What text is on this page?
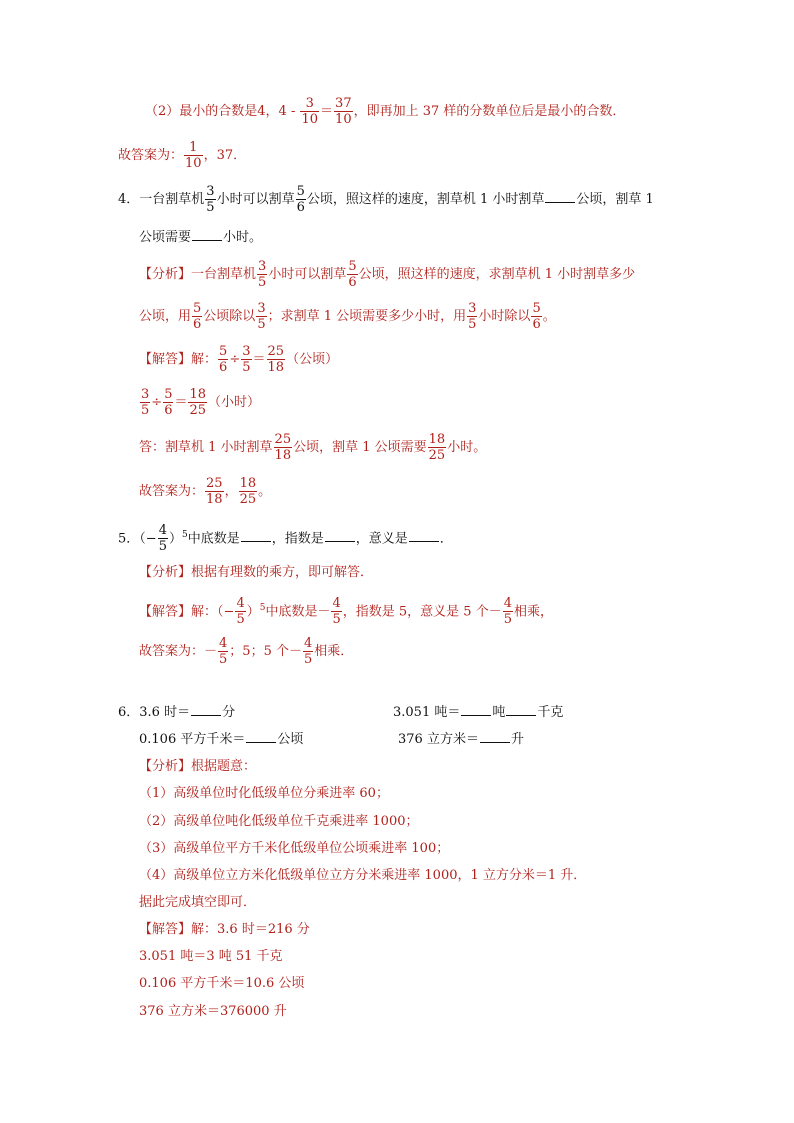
（2）最小的合数是4，$4 - \frac{3}{10} = \frac{37}{10}$ ，即再加上 37 样的分数单位后是最小的合数．
故答案为： $\frac{1}{10}$ ，37．
4．一台割草机 $\frac{3}{5}$ 小时可以割草 $\frac{5}{6}$ 公顷，照这样的速度，割草机 1 小时割草 公顷，割草 1
公顷需要 小时。
【分析】一台割草机 $\frac{3}{5}$ 小时可以割草 $\frac{5}{6}$ 公顷，照这样的速度，求割草机 1 小时割草多少
公顷，用 $\frac{5}{6}$ 公顷除以 $\frac{3}{5}$ ；求割草 1 公顷需要多少小时，用 $\frac{3}{5}$ 小时除以 $\frac{5}{6}$ 。
【解答】解： $\frac{5}{6} \div \frac{3}{5} = \frac{25}{18}$ （公顷）
$\frac{3}{5} \div \frac{5}{6} = \frac{18}{25}$ （小时）
答：割草机 1 小时割草 $\frac{25}{18}$ 公顷，割草 1 公顷需要 $\frac{18}{25}$ 小时。
故答案为： $\frac{25}{18}$ ， $\frac{18}{25}$ 。
5．（− $\frac{4}{5} )^5$中底数是 ，指数是 ，意义是 ．
【分析】根据有理数的乘方，即可解答．
【解答】解：（− $\frac{4}{5} )^5$中底数是－ $\frac{4}{5}$ ，指数是 5，意义是 5 个－ $\frac{4}{5}$ 相乘，
故答案为：－ $\frac{4}{5}$ ；5；5 个－ $\frac{4}{5}$ 相乘．
6．3.6 时＝ 分	3.051 吨＝ 吨 千克
0.106 平方千米＝ 公顷	376 立方米＝ 升
【分析】根据题意：
（1）高级单位时化低级单位分乘进率 60；
（2）高级单位吨化低级单位千克乘进率 1000；
（3）高级单位平方千米化低级单位公顷乘进率 100；
（4）高级单位立方米化低级单位立方分米乘进率 1000，1 立方分米＝1 升．
据此完成填空即可．
【解答】解：3.6 时＝216 分
3.051 吨＝3 吨 51 千克
0.106 平方千米＝10.6 公顷
376 立方米＝376000 升
